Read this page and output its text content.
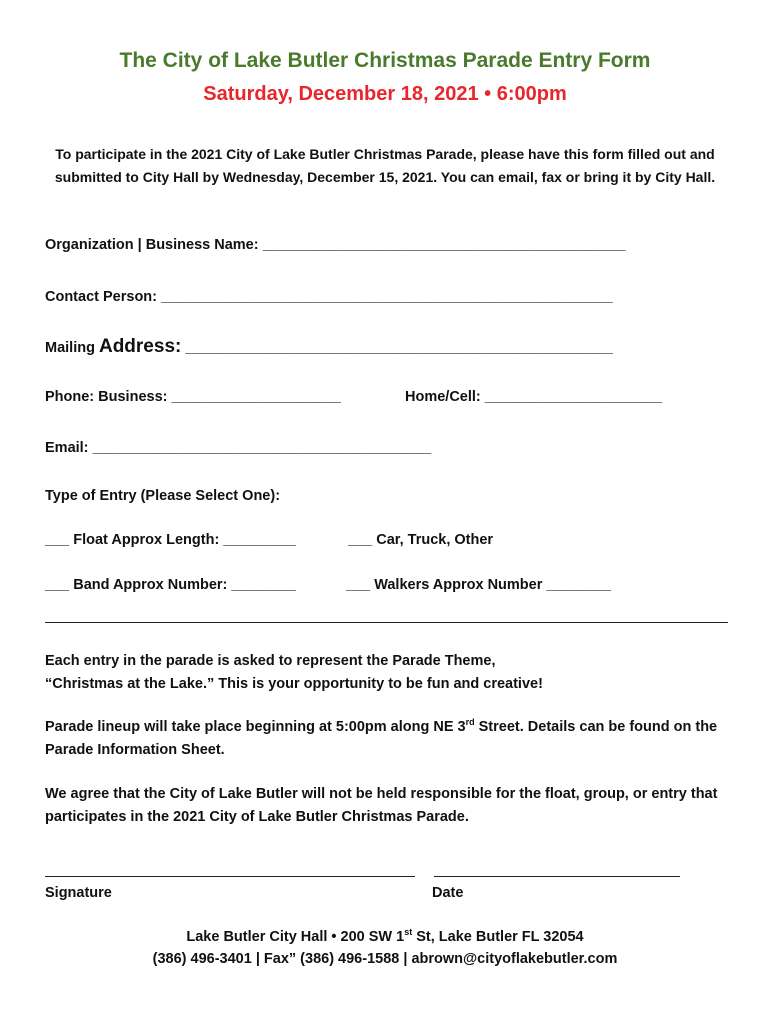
The City of Lake Butler Christmas Parade Entry Form
Saturday, December 18, 2021 • 6:00pm
To participate in the 2021 City of Lake Butler Christmas Parade, please have this form filled out and submitted to City Hall by Wednesday, December 15, 2021. You can email, fax or bring it by City Hall.
Organization | Business Name: _____________________________________________
Contact Person: ________________________________________________________
Mailing Address: _____________________________________________________
Phone: Business: _____________________	Home/Cell: ______________________
Email: __________________________________________
Type of Entry (Please Select One):
___ Float Approx Length: _________	___ Car, Truck, Other
___ Band Approx Number: ________	___ Walkers Approx Number ________
Each entry in the parade is asked to represent the Parade Theme,
“Christmas at the Lake.” This is your opportunity to be fun and creative!
Parade lineup will take place beginning at 5:00pm along NE 3rd Street. Details can be found on the Parade Information Sheet.
We agree that the City of Lake Butler will not be held responsible for the float, group, or entry that participates in the 2021 City of Lake Butler Christmas Parade.
Signature	Date
Lake Butler City Hall • 200 SW 1st St, Lake Butler FL 32054
(386) 496-3401 | Fax” (386) 496-1588 | abrown@cityoflakebutler.com
